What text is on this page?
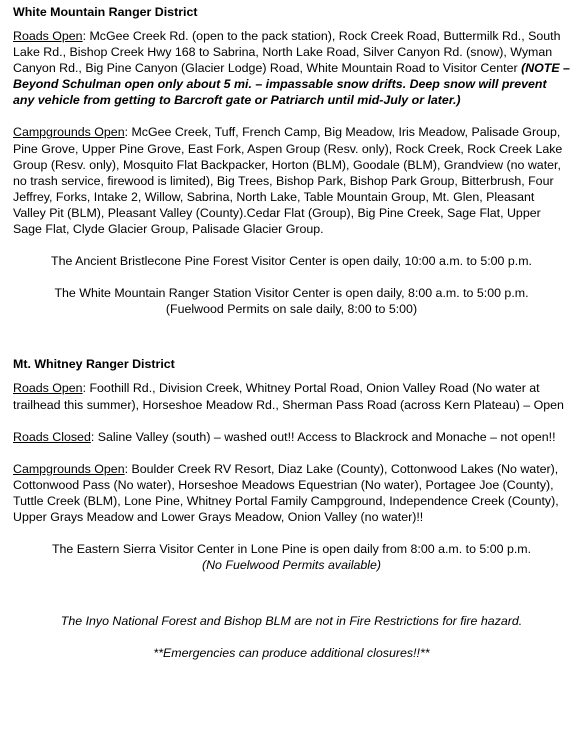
White Mountain Ranger District

Roads Open: McGee Creek Rd. (open to the pack station), Rock Creek Road, Buttermilk Rd., South Lake Rd., Bishop Creek Hwy 168 to Sabrina, North Lake Road, Silver Canyon Rd. (snow), Wyman Canyon Rd., Big Pine Canyon (Glacier Lodge) Road, White Mountain Road to Visitor Center (NOTE –Beyond Schulman open only about 5 mi. – impassable snow drifts. Deep snow will prevent any vehicle from getting to Barcroft gate or Patriarch until mid-July or later.)

Campgrounds Open: McGee Creek, Tuff, French Camp, Big Meadow, Iris Meadow, Palisade Group, Pine Grove, Upper Pine Grove, East Fork, Aspen Group (Resv. only), Rock Creek, Rock Creek Lake Group (Resv. only), Mosquito Flat Backpacker, Horton (BLM), Goodale (BLM), Grandview (no water, no trash service, firewood is limited), Big Trees, Bishop Park, Bishop Park Group, Bitterbrush, Four Jeffrey, Forks, Intake 2, Willow, Sabrina, North Lake, Table Mountain Group, Mt. Glen, Pleasant Valley Pit (BLM), Pleasant Valley (County).Cedar Flat (Group), Big Pine Creek, Sage Flat, Upper Sage Flat, Clyde Glacier Group, Palisade Glacier Group.

The Ancient Bristlecone Pine Forest Visitor Center is open daily, 10:00 a.m. to 5:00 p.m.

The White Mountain Ranger Station Visitor Center is open daily, 8:00 a.m. to 5:00 p.m.

(Fuelwood Permits on sale daily, 8:00 to 5:00)

Mt. Whitney Ranger District

Roads Open: Foothill Rd., Division Creek, Whitney Portal Road, Onion Valley Road (No water at trailhead this summer), Horseshoe Meadow Rd., Sherman Pass Road (across Kern Plateau) – Open

Roads Closed: Saline Valley (south) – washed out!! Access to Blackrock and Monache – not open!!

Campgrounds Open: Boulder Creek RV Resort, Diaz Lake (County), Cottonwood Lakes (No water), Cottonwood Pass (No water), Horseshoe Meadows Equestrian (No water), Portagee Joe (County), Tuttle Creek (BLM), Lone Pine, Whitney Portal Family Campground, Independence Creek (County), Upper Grays Meadow and Lower Grays Meadow, Onion Valley (no water)!!

The Eastern Sierra Visitor Center in Lone Pine is open daily from 8:00 a.m. to 5:00 p.m.

(No Fuelwood Permits available)

The Inyo National Forest and Bishop BLM are not in Fire Restrictions for fire hazard.

**Emergencies can produce additional closures!!**
